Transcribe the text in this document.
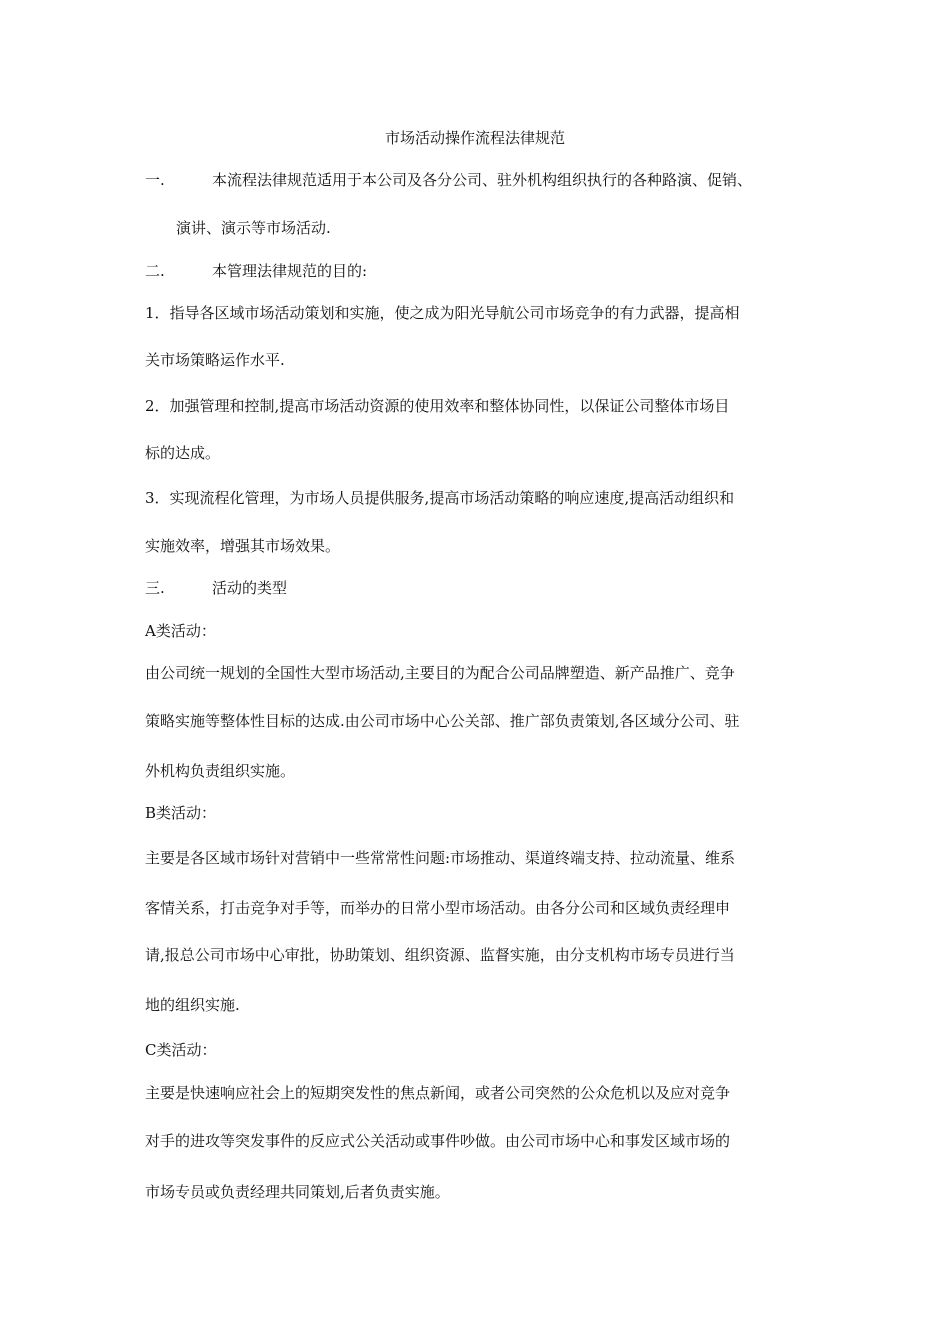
市场活动操作流程法律规范
一.	本流程法律规范适用于本公司及各分公司、驻外机构组织执行的各种路演、促销、
演讲、演示等市场活动.
二.	本管理法律规范的目的:
1．指导各区域市场活动策划和实施，使之成为阳光导航公司市场竞争的有力武器，提高相
关市场策略运作水平.
2．加强管理和控制,提高市场活动资源的使用效率和整体协同性，以保证公司整体市场目
标的达成。
3．实现流程化管理，为市场人员提供服务,提高市场活动策略的响应速度,提高活动组织和
实施效率，增强其市场效果。
三.	活动的类型
A类活动：
由公司统一规划的全国性大型市场活动,主要目的为配合公司品牌塑造、新产品推广、竞争
策略实施等整体性目标的达成.由公司市场中心公关部、推广部负责策划,各区域分公司、驻
外机构负责组织实施。
B类活动：
主要是各区域市场针对营销中一些常常性问题:市场推动、渠道终端支持、拉动流量、维系
客情关系，打击竞争对手等，而举办的日常小型市场活动。由各分公司和区域负责经理申
请,报总公司市场中心审批，协助策划、组织资源、监督实施，由分支机构市场专员进行当
地的组织实施.
C类活动：
主要是快速响应社会上的短期突发性的焦点新闻，或者公司突然的公众危机以及应对竞争
对手的进攻等突发事件的反应式公关活动或事件吵做。由公司市场中心和事发区域市场的
市场专员或负责经理共同策划,后者负责实施。
